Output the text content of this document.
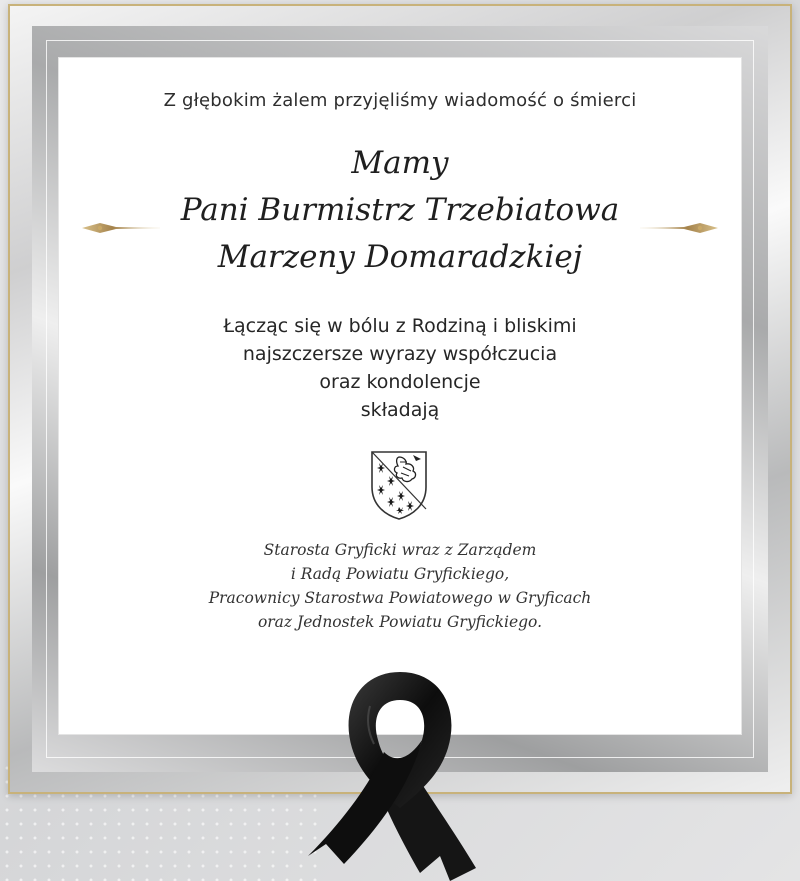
Z głębokim żalem przyjęliśmy wiadomość o śmierci
Mamy
Pani Burmistrz Trzebiatowa
Marzeny Domaradzkiej
Łącząc się w bólu z Rodziną i bliskimi
najszczersze wyrazy współczucia
oraz kondolencje
składają
Starosta Gryficki wraz z Zarządem
i Radą Powiatu Gryfickiego,
Pracownicy Starostwa Powiatowego w Gryficach
oraz Jednostek Powiatu Gryfickiego.
